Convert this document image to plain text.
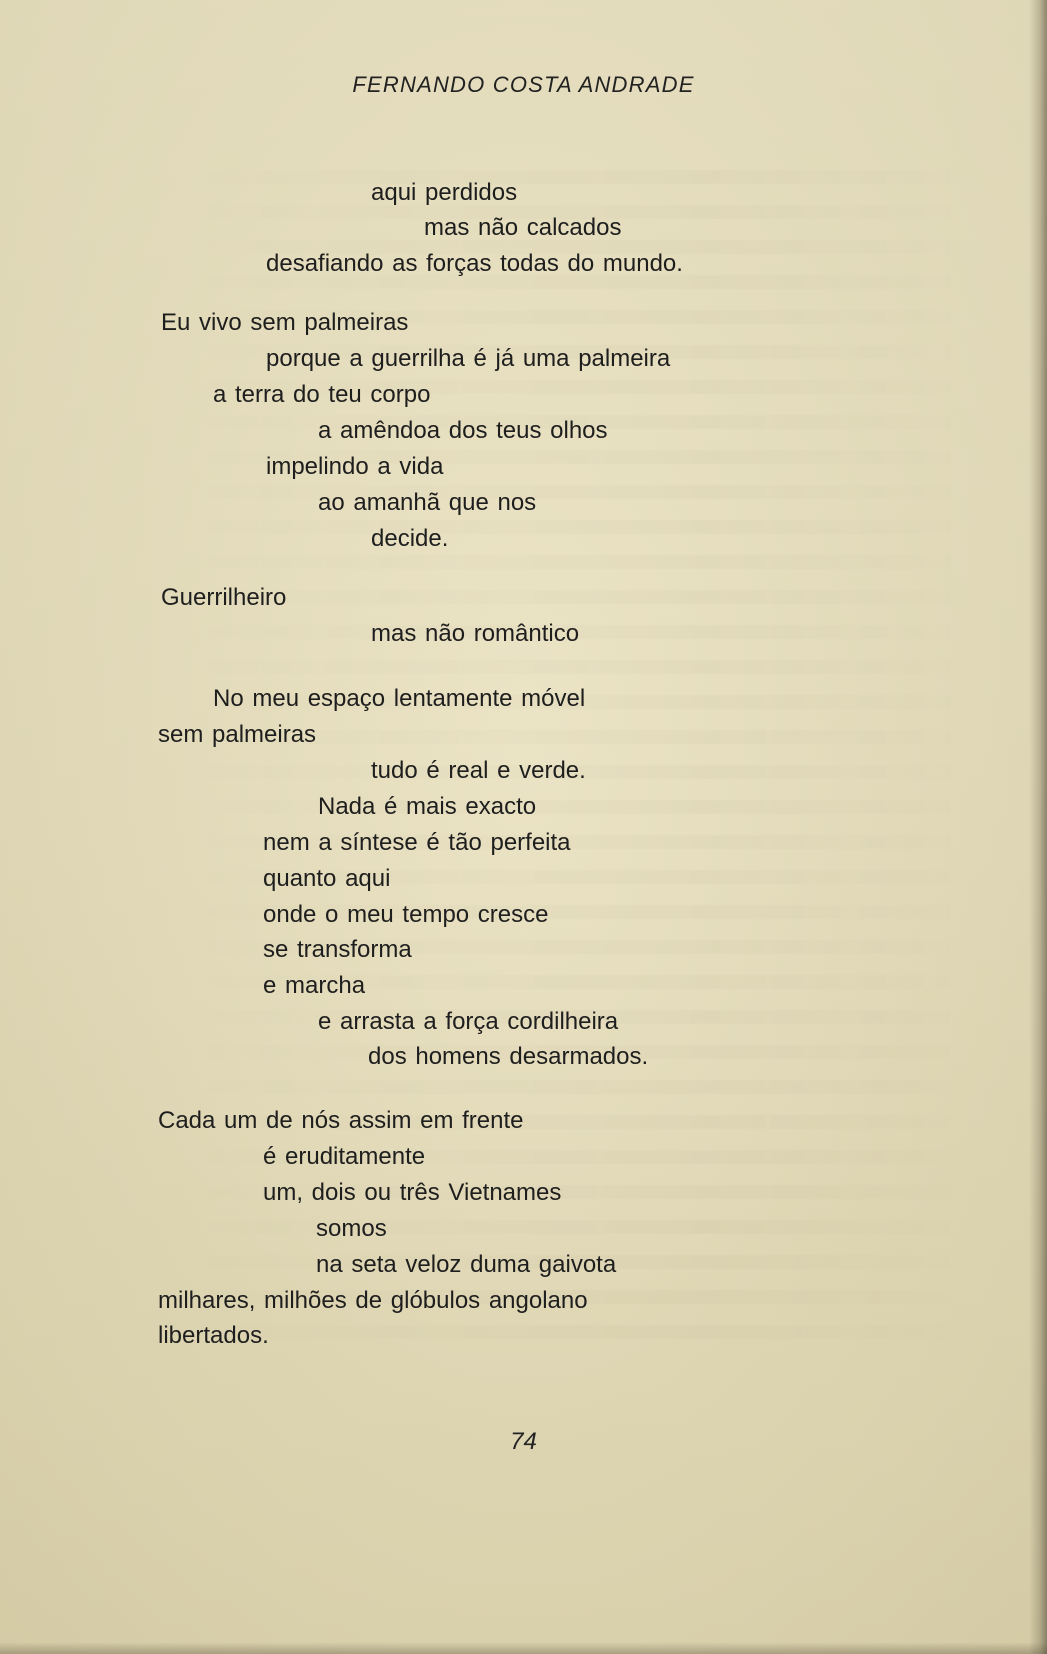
FERNANDO COSTA ANDRADE
aqui perdidos
mas não calcados
desafiando as forças todas do mundo.
Eu vivo sem palmeiras
porque a guerrilha é já uma palmeira
a terra do teu corpo
a amêndoa dos teus olhos
impelindo a vida
ao amanhã que nos
decide.
Guerrilheiro
mas não romântico
No meu espaço lentamente móvel
sem palmeiras
tudo é real e verde.
Nada é mais exacto
nem a síntese é tão perfeita
quanto aqui
onde o meu tempo cresce
se transforma
e marcha
e arrasta a força cordilheira
dos homens desarmados.
Cada um de nós assim em frente
é eruditamente
um, dois ou três Vietnames
somos
na seta veloz duma gaivota
milhares, milhões de glóbulos angolano
libertados.
74
